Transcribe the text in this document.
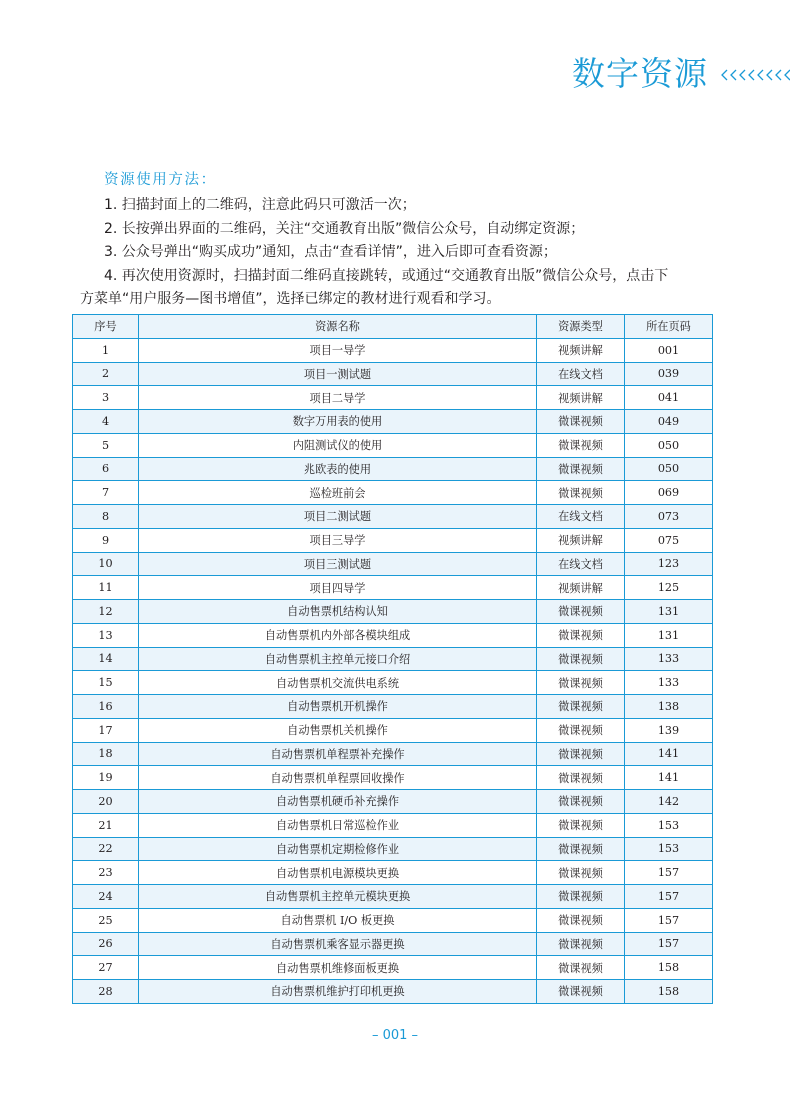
数字资源
资源使用方法：

1. 扫描封面上的二维码，注意此码只可激活一次；

2. 长按弹出界面的二维码，关注“交通教育出版”微信公众号，自动绑定资源；

3. 公众号弹出“购买成功”通知，点击“查看详情”，进入后即可查看资源；

4. 再次使用资源时，扫描封面二维码直接跳转，或通过“交通教育出版”微信公众号，点击下

方菜单“用户服务—图书增值”，选择已绑定的教材进行观看和学习。

序号	资源名称	资源类型	所在页码
1	项目一导学	视频讲解	001
2	项目一测试题	在线文档	039
3	项目二导学	视频讲解	041
4	数字万用表的使用	微课视频	049
5	内阻测试仪的使用	微课视频	050
6	兆欧表的使用	微课视频	050
7	巡检班前会	微课视频	069
8	项目二测试题	在线文档	073
9	项目三导学	视频讲解	075
10	项目三测试题	在线文档	123
11	项目四导学	视频讲解	125
12	自动售票机结构认知	微课视频	131
13	自动售票机内外部各模块组成	微课视频	131
14	自动售票机主控单元接口介绍	微课视频	133
15	自动售票机交流供电系统	微课视频	133
16	自动售票机开机操作	微课视频	138
17	自动售票机关机操作	微课视频	139
18	自动售票机单程票补充操作	微课视频	141
19	自动售票机单程票回收操作	微课视频	141
20	自动售票机硬币补充操作	微课视频	142
21	自动售票机日常巡检作业	微课视频	153
22	自动售票机定期检修作业	微课视频	153
23	自动售票机电源模块更换	微课视频	157
24	自动售票机主控单元模块更换	微课视频	157
25	自动售票机 I/O 板更换	微课视频	157
26	自动售票机乘客显示器更换	微课视频	157
27	自动售票机维修面板更换	微课视频	158
28	自动售票机维护打印机更换	微课视频	158
– 001 –
